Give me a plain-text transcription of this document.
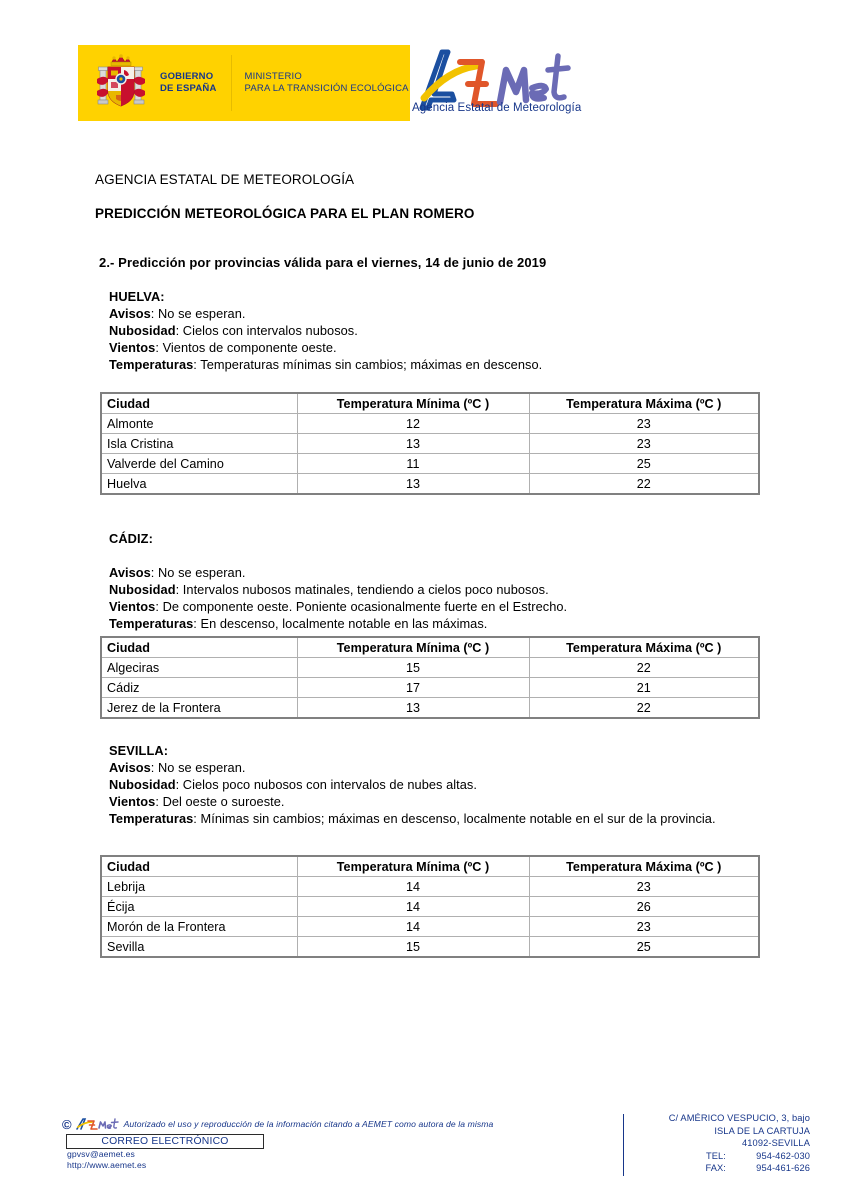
GOBIERNO
DE ESPAÑA
MINISTERIO
PARA LA TRANSICIÓN ECOLÓGICA
Agencia Estatal de Meteorología
AGENCIA ESTATAL DE METEOROLOGÍA
PREDICCIÓN METEOROLÓGICA PARA EL PLAN ROMERO
2.- Predicción por provincias válida para el viernes, 14 de junio de 2019
HUELVA:
Avisos: No se esperan.
Nubosidad: Cielos con intervalos nubosos.
Vientos: Vientos de componente oeste.
Temperaturas: Temperaturas mínimas sin cambios; máximas en descenso.
Ciudad	Temperatura Mínima (ºC )	Temperatura Máxima (ºC )
Almonte	12	23
Isla Cristina	13	23
Valverde del Camino	11	25
Huelva	13	22
CÁDIZ:
Avisos: No se esperan.
Nubosidad: Intervalos nubosos matinales, tendiendo a cielos poco nubosos.
Vientos: De componente oeste. Poniente ocasionalmente fuerte en el Estrecho.
Temperaturas: En descenso, localmente notable en las máximas.
Ciudad	Temperatura Mínima (ºC )	Temperatura Máxima (ºC )
Algeciras	15	22
Cádiz	17	21
Jerez de la Frontera	13	22
SEVILLA:
Avisos: No se esperan.
Nubosidad: Cielos poco nubosos con intervalos de nubes altas.
Vientos: Del oeste o suroeste.
Temperaturas: Mínimas sin cambios; máximas en descenso, localmente notable en el sur de la provincia.
Ciudad	Temperatura Mínima (ºC )	Temperatura Máxima (ºC )
Lebrija	14	23
Écija	14	26
Morón de la Frontera	14	23
Sevilla	15	25
©	Autorizado el uso y reproducción de la información citando a AEMET como autora de la misma
CORREO ELECTRÓNICO
gpvsv@aemet.es
http://www.aemet.es
C/ AMÉRICO VESPUCIO, 3, bajo
ISLA DE LA CARTUJA
41092-SEVILLA
TEL:	954-462-030
FAX:	954-461-626
